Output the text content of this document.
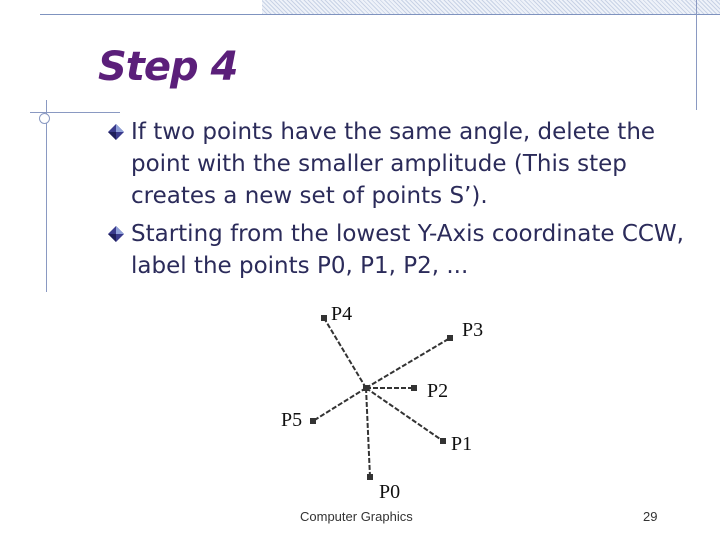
Step 4
If two points have the same angle, delete the point with the smaller amplitude (This step creates a new set of points S’).
Starting from the lowest Y-Axis coordinate CCW, label the points P0, P1, P2, ...
P4
P3
P2
P5
P1
P0
Computer Graphics	29
